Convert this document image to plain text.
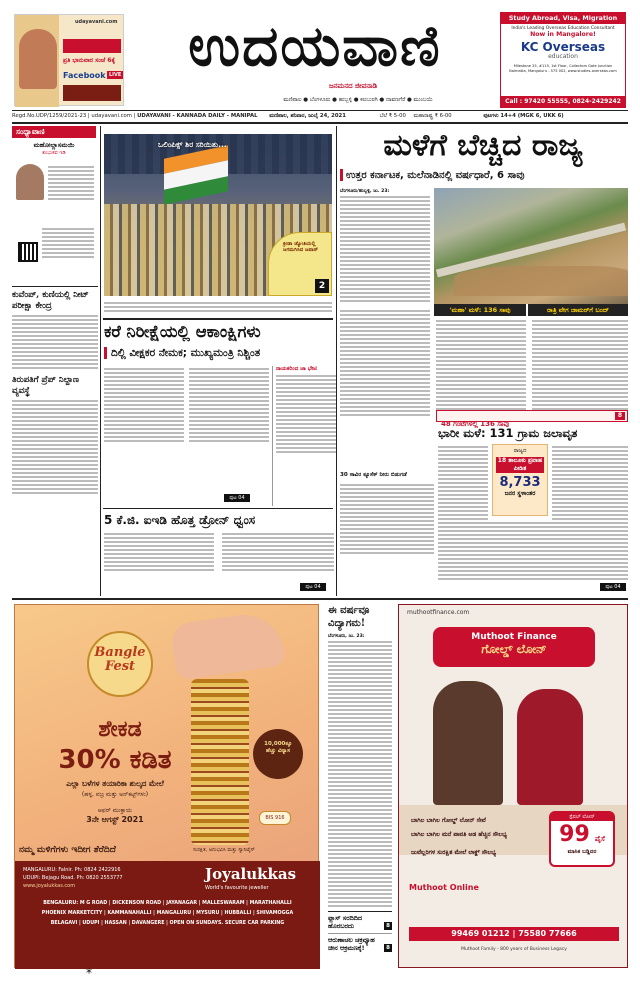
udayavani.com
ಪ್ರತಿ ಭಾನುವಾರ ಸಂಜೆ 6ಕ್ಕೆ
Facebook LIVE	ಉದಯವಾಣಿ
ಜನಮನದ ಜೀವನಾಡಿ
ಮಣಿಪಾಲ ● ಬೆಂಗಳೂರು ● ಹುಬ್ಬಳ್ಳಿ ● ಕಲಬುರಗಿ ● ದಾವಣಗೆರೆ ● ಮುಂಬಯಿ
Study Abroad, Visa, Migration
India's Leading Overseas Education Consultant
Now in Mangalore!
KC Overseas
education
Milestone 25, #115, 1st Floor, Collectors Gate Junction
Balmatta, Mangaluru - 575 002, www.studies-overseas.com
Call : 97420 55555, 0824-2429242
Regd.No.UDP/1259/2021-23 | udayavani.com | UDAYAVANI - KANNADA DAILY - MANIPAL ಮಣಿಪಾಲ, ಶನಿವಾರ, ಜುಲೈ 24, 2021	ಬೆಲೆ ₹ 5-00 ಮಹಾರಾಷ್ಟ್ರ ₹ 6-00	ಪುಟಗಳು 14+4 (MGK 6, UKK 6)
ಸಂಧ್ಯಾವಾಣಿ
ಮಹೋಲ್ಲಾಸಮಯಿ
ಶಂಭುಕವ ಇಡಿ
ಕುವೆಂಪ್, ಕುಣಿಯಲ್ಲಿ ನೀಟ್ ಪರೀಕ್ಷಾ ಕೇಂದ್ರ
ತಿರುಪತಿಗೆ ಪ್ರೆಪ್ ನಿಲ್ದಾಣ ವ್ಯವಸ್ಥೆ
ಒಲಿಂಪಿಕ್ಸ್ ಶಿರ ಸರಿಯಿತು...
ಕ್ರೀಡಾ ಜ್ಯೋತಿಯಲ್ಲಿ ಜಗಮಗಿಸಿದ ಜಪಾನ್
2
ಕರೆ ನಿರೀಕ್ಷೆಯಲ್ಲಿ ಆಕಾಂಕ್ಷಿಗಳು
ದಿಲ್ಲಿ ವೀಕ್ಷಕರ ನೇಮಕ; ಮುಖ್ಯಮಂತ್ರಿ ನಿಶ್ಚಿಂತ
ನಾಯಕರಿಂದ ಜಾ ಭೇಟಿ
ಪುಟ 04
5 ಕೆ.ಜಿ. ಐಇಡಿ ಹೊತ್ತ ಡ್ರೋನ್ ಧ್ವಂಸ
ಪುಟ 04
ಮಳೆಗೆ ಬೆಚ್ಚಿದ ರಾಜ್ಯ
ಉತ್ತರ ಕರ್ನಾಟಕ, ಮಲೆನಾಡಿನಲ್ಲಿ ವರ್ಷಧಾರೆ, 6 ಸಾವು
ಬೆಂಗಳೂರು/ಹುಬ್ಬಳ್ಳಿ, ಜು. 23:
'ಮಹಾ' ಮಳೆ: 136 ಸಾವು	ರಾತ್ರಿ ವೇಗ ಜಾಮರ್‌ಗೆ ಬಂದ್
48 ಗಂಟೆಗಳಲ್ಲಿ 136 ಸಾವು
8
30 ಸಾವಿರ ಕ್ಯೂಸೆಕ್ ನೀರು ಬಿಡುಗಡೆ
ಭಾರೀ ಮಳೆ: 131 ಗ್ರಾಮ ಜಲಾವೃತ
ರಾಜ್ಯದ
18 ತಾಲೂಕು ಪ್ರವಾಹ ಪೀಡಿತ
8,733
ಜನರ ಸ್ಥಳಾಂತರ
ಪುಟ 04
Bangle
Fest
ಶೇಕಡ
30% ಕಡಿತ
ಎಲ್ಲಾ ಬಳೆಗಳ ತಯಾರಿಕಾ ಶುಲ್ಕದ ಮೇಲೆ
(ಹಳ್ಳ, ವಜ್ರ ಮತ್ತು ಅನ್‌ಕಟ್ಟ್‌ಗಳು)
ಆಫರ್ ಮುಕ್ತಾಯ
3ನೇ ಆಗಸ್ಟ್ 2021
10,000ಕ್ಕೂ ಹೆಚ್ಚು ವಿನ್ಯಾಸ
BIS 916
ನಮ್ಮ ಮಳಿಗೆಗಳು ಇದೀಗ ತೆರೆದಿದೆ	ಸುರಕ್ಷಿತ, ಅನುಭವಿಸಿ ಮತ್ತು ಸ್ಯಾನಿಟೈಸ್
MANGALURU: Falnir. Ph: 0824 2422916
UDUPI: Bejagu Road. Ph: 0820 2553777
www.joyalukkas.com
Joyalukkas
World's favourite jeweller
BENGALURU: M G ROAD | DICKENSON ROAD | JAYANAGAR | MALLESWARAM | MARATHAHALLI
PHOENIX MARKETCITY | KAMMANAHALLI | MANGALURU | MYSURU | HUBBALLI | SHIVAMOGGA
BELAGAVI | UDUPI | HASSAN | DAVANGERE | OPEN ON SUNDAYS. SECURE CAR PARKING
ಈ ವರ್ಷವೂ
ವಿದ್ಯಾಗಮ!
ಬೆಂಗಳೂರು, ಜು. 23:
ಫ್ಲಾಸ್ ಸರದಿದಿದ ಹೊರಬರದು	8
ಆರುಣಾಚಲ ಚಕ್ರವ್ಯೂಹ ಚೀನ ಆಕ್ರಮಣಕ್ಕೆ!	8
muthootfinance.com
Muthoot Finance
ಗೋಲ್ಡ್ ಲೋನ್
ಬಾಗಿಲ ಬಾಗಿಲ ಗೋಲ್ಡ್ ಲೋನ್ ಸೇವೆ
ಬಾಗಿಲ ಬಾಗಿಲ ಮನೆ ಪಾವತಿ ಅಡ ಹೆಚ್ಚಿನ ಸೌಲಭ್ಯ
ಜುವೆಲ್ಲರಿಗಳ ಸುರಕ್ಷಿತ ಮೇಲೆ ಲಾಕ್ಡ್ ಸೌಲಭ್ಯ
ಸ್ಪೆಷಲ್ ಲೋನ್
99 ಪೈಸೆ
ಮಾಸಿಕ ಬಡ್ಡಿದರ
Muthoot Online
99469 01212 | 75580 77666
Muthoot Family - 800 years of Business Legacy
*
